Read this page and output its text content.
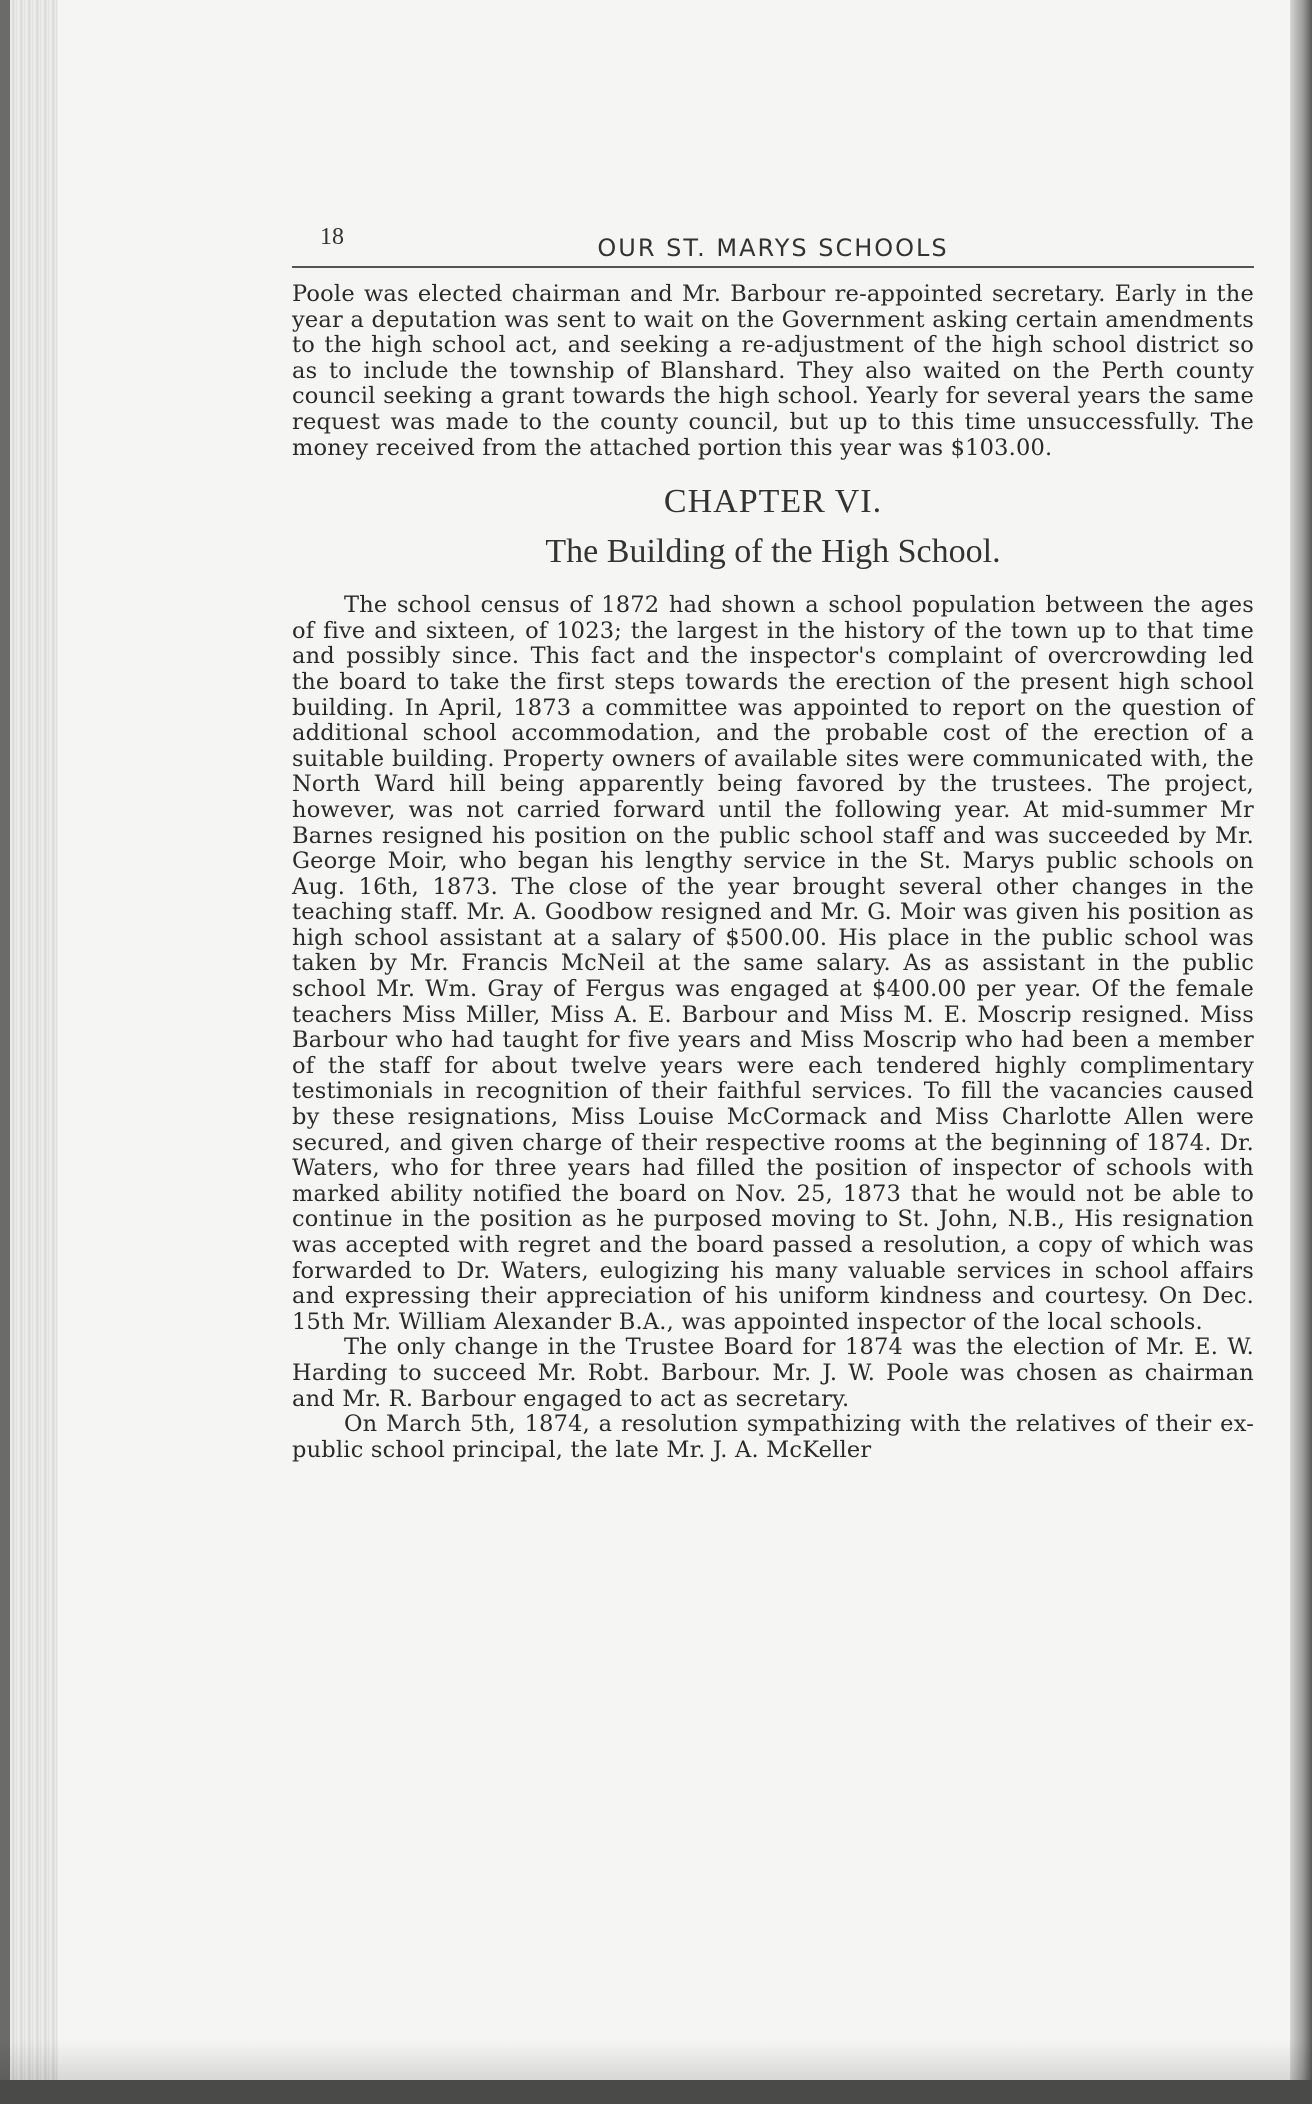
18	OUR ST. MARYS SCHOOLS

Poole was elected chairman and Mr. Barbour re-appointed secretary. Early in the year a deputation was sent to wait on the Government asking certain amendments to the high school act, and seeking a re-adjustment of the high school district so as to include the township of Blanshard. They also waited on the Perth county council seeking a grant towards the high school. Yearly for several years the same request was made to the county council, but up to this time unsuccessfully. The money received from the attached portion this year was $103.00.

CHAPTER VI.
The Building of the High School.

The school census of 1872 had shown a school population between the ages of five and sixteen, of 1023; the largest in the history of the town up to that time and possibly since. This fact and the inspector's complaint of overcrowding led the board to take the first steps towards the erection of the present high school building. In April, 1873 a committee was appointed to report on the question of additional school accommodation, and the probable cost of the erection of a suitable building. Property owners of available sites were communicated with, the North Ward hill being apparently being favored by the trustees. The project, however, was not carried forward until the following year. At mid-summer Mr Barnes resigned his position on the public school staff and was succeeded by Mr. George Moir, who began his lengthy service in the St. Marys public schools on Aug. 16th, 1873. The close of the year brought several other changes in the teaching staff. Mr. A. Goodbow resigned and Mr. G. Moir was given his position as high school assistant at a salary of $500.00. His place in the public school was taken by Mr. Francis McNeil at the same salary. As as assistant in the public school Mr. Wm. Gray of Fergus was engaged at $400.00 per year. Of the female teachers Miss Miller, Miss A. E. Barbour and Miss M. E. Moscrip resigned. Miss Barbour who had taught for five years and Miss Moscrip who had been a member of the staff for about twelve years were each tendered highly complimentary testimonials in recognition of their faithful services. To fill the vacancies caused by these resignations, Miss Louise McCormack and Miss Charlotte Allen were secured, and given charge of their respective rooms at the beginning of 1874. Dr. Waters, who for three years had filled the position of inspector of schools with marked ability notified the board on Nov. 25, 1873 that he would not be able to continue in the position as he purposed moving to St. John, N.B., His resignation was accepted with regret and the board passed a resolution, a copy of which was forwarded to Dr. Waters, eulogizing his many valuable services in school affairs and expressing their appreciation of his uniform kindness and courtesy. On Dec. 15th Mr. William Alexander B.A., was appointed inspector of the local schools.

The only change in the Trustee Board for 1874 was the election of Mr. E. W. Harding to succeed Mr. Robt. Barbour. Mr. J. W. Poole was chosen as chairman and Mr. R. Barbour engaged to act as secretary.

On March 5th, 1874, a resolution sympathizing with the relatives of their ex-public school principal, the late Mr. J. A. McKeller
